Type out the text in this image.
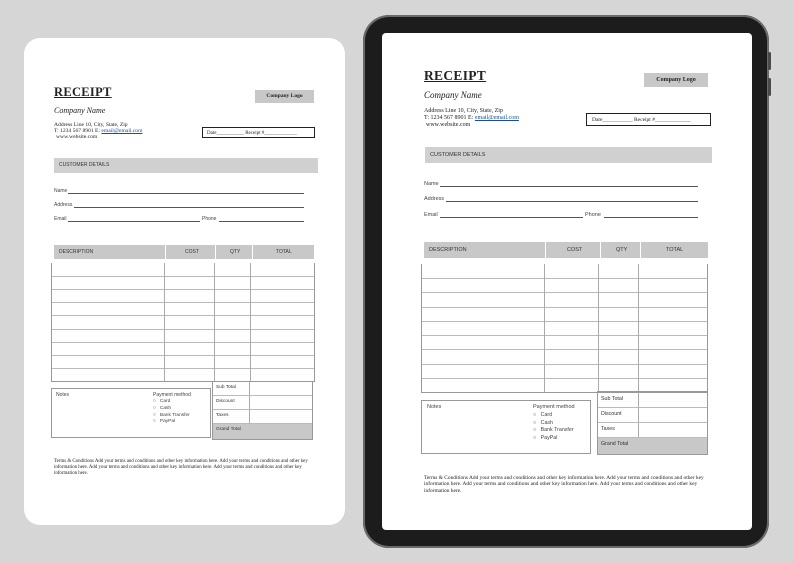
RECEIPT
Company Name
Company Logo
Address Line 10, City, State, Zip
T: 1234 567 8901 E: email@email.com
www.website.com
Date___________ Receipt #_____________
CUSTOMER DETAILS
Name
Address
Email	Phone
DESCRIPTION	COST	QTY	TOTAL
Notes	Payment method
○   Card
○   Cash
○   Bank Transfer
○   PayPal
Sub Total
Discount
Taxes
Grand Total
Terms & Conditions Add your terms and conditions and other key information here. Add your terms and conditions and other key information here. Add your terms and conditions and other key information here. Add your terms and conditions and other key information here.
RECEIPT
Company Name
Company Logo
Address Line 10, City, State, Zip
T: 1234 567 8901 E: email@email.com
www.website.com
Date___________ Receipt #_____________
CUSTOMER DETAILS
Name
Address
Email	Phone
DESCRIPTION	COST	QTY	TOTAL
Notes	Payment method
○   Card
○   Cash
○   Bank Transfer
○   PayPal
Sub Total
Discount
Taxes
Grand Total
Terms & Conditions Add your terms and conditions and other key information here. Add your terms and conditions and other key information here. Add your terms and conditions and other key information here. Add your terms and conditions and other key information here.
